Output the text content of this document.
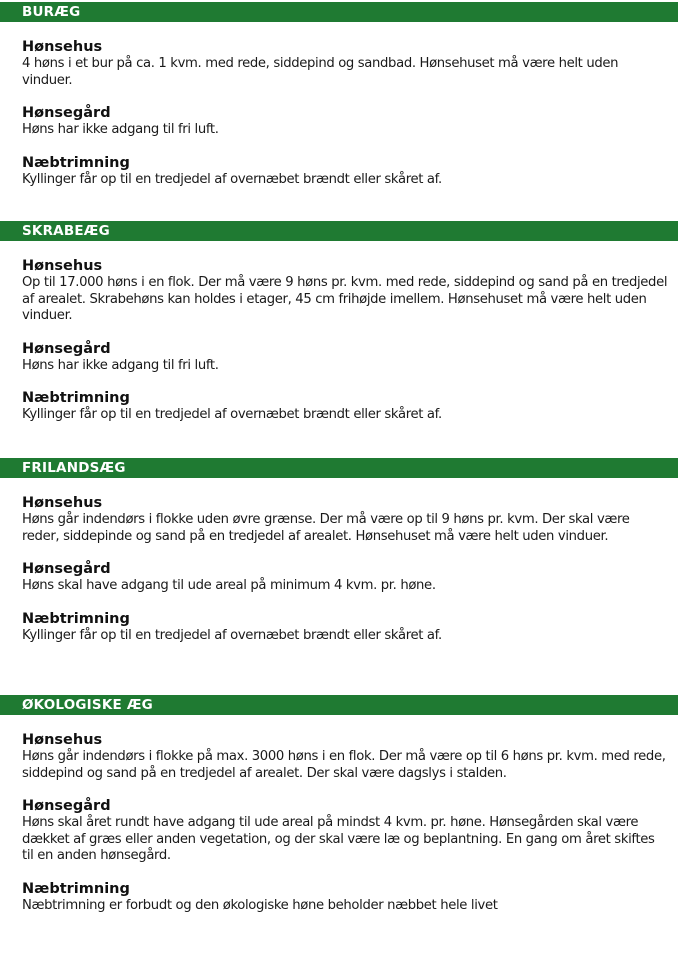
BURÆG
Hønsehus

4 høns i et bur på ca. 1 kvm. med rede, siddepind og sandbad. Hønsehuset må være helt uden vinduer.

Hønsegård

Høns har ikke adgang til fri luft.

Næbtrimning

Kyllinger får op til en tredjedel af overnæbet brændt eller skåret af.

SKRABEÆG
Hønsehus

Op til 17.000 høns i en flok. Der må være 9 høns pr. kvm. med rede, siddepind og sand på en tredjedel af arealet. Skrabehøns kan holdes i etager, 45 cm frihøjde imellem. Hønsehuset må være helt uden vinduer.

Hønsegård

Høns har ikke adgang til fri luft.

Næbtrimning

Kyllinger får op til en tredjedel af overnæbet brændt eller skåret af.

FRILANDSÆG
Hønsehus

Høns går indendørs i flokke uden øvre grænse. Der må være op til 9 høns pr. kvm. Der skal være reder, siddepinde og sand på en tredjedel af arealet. Hønsehuset må være helt uden vinduer.

Hønsegård

Høns skal have adgang til ude areal på minimum 4 kvm. pr. høne.

Næbtrimning

Kyllinger får op til en tredjedel af overnæbet brændt eller skåret af.

ØKOLOGISKE ÆG
Hønsehus

Høns går indendørs i flokke på max. 3000 høns i en flok. Der må være op til 6 høns pr. kvm. med rede, siddepind og sand på en tredjedel af arealet. Der skal være dagslys i stalden.

Hønsegård

Høns skal året rundt have adgang til ude areal på mindst 4 kvm. pr. høne. Hønsegården skal være dækket af græs eller anden vegetation, og der skal være læ og beplantning. En gang om året skiftes til en anden hønsegård.

Næbtrimning

Næbtrimning er forbudt og den økologiske høne beholder næbbet hele livet
